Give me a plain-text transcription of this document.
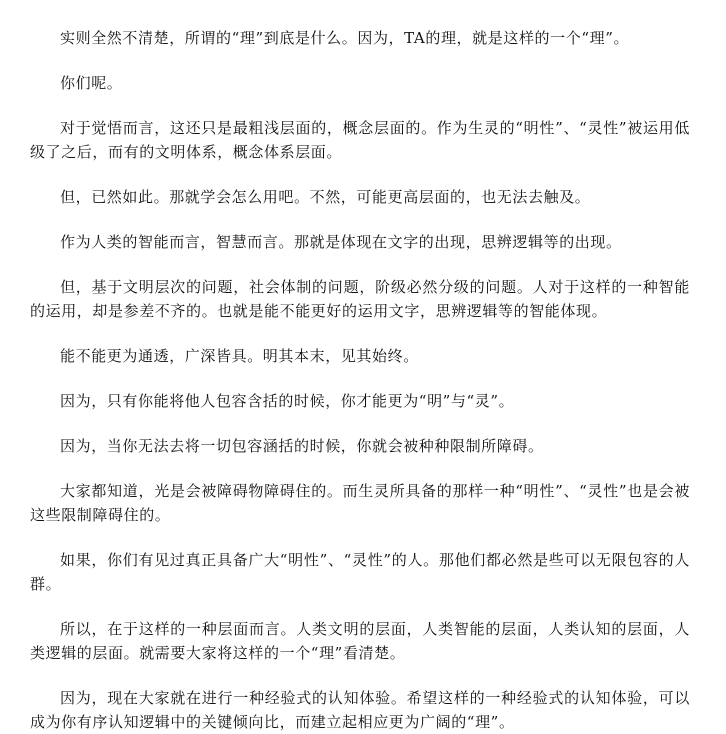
实则全然不清楚，所谓的“理”到底是什么。因为，TA的理，就是这样的一个“理”。

你们呢。

对于觉悟而言，这还只是最粗浅层面的，概念层面的。作为生灵的“明性”、“灵性”被运用低级了之后，而有的文明体系，概念体系层面。

但，已然如此。那就学会怎么用吧。不然，可能更高层面的，也无法去触及。

作为人类的智能而言，智慧而言。那就是体现在文字的出现，思辨逻辑等的出现。

但，基于文明层次的问题，社会体制的问题，阶级必然分级的问题。人对于这样的一种智能的运用，却是参差不齐的。也就是能不能更好的运用文字，思辨逻辑等的智能体现。

能不能更为通透，广深皆具。明其本末，见其始终。

因为，只有你能将他人包容含括的时候，你才能更为“明”与“灵”。

因为，当你无法去将一切包容涵括的时候，你就会被种种限制所障碍。

大家都知道，光是会被障碍物障碍住的。而生灵所具备的那样一种“明性”、“灵性”也是会被这些限制障碍住的。

如果，你们有见过真正具备广大“明性”、“灵性”的人。那他们都必然是些可以无限包容的人群。

所以，在于这样的一种层面而言。人类文明的层面，人类智能的层面，人类认知的层面，人类逻辑的层面。就需要大家将这样的一个“理”看清楚。

因为，现在大家就在进行一种经验式的认知体验。希望这样的一种经验式的认知体验，可以成为你有序认知逻辑中的关键倾向比，而建立起相应更为广阔的“理”。
